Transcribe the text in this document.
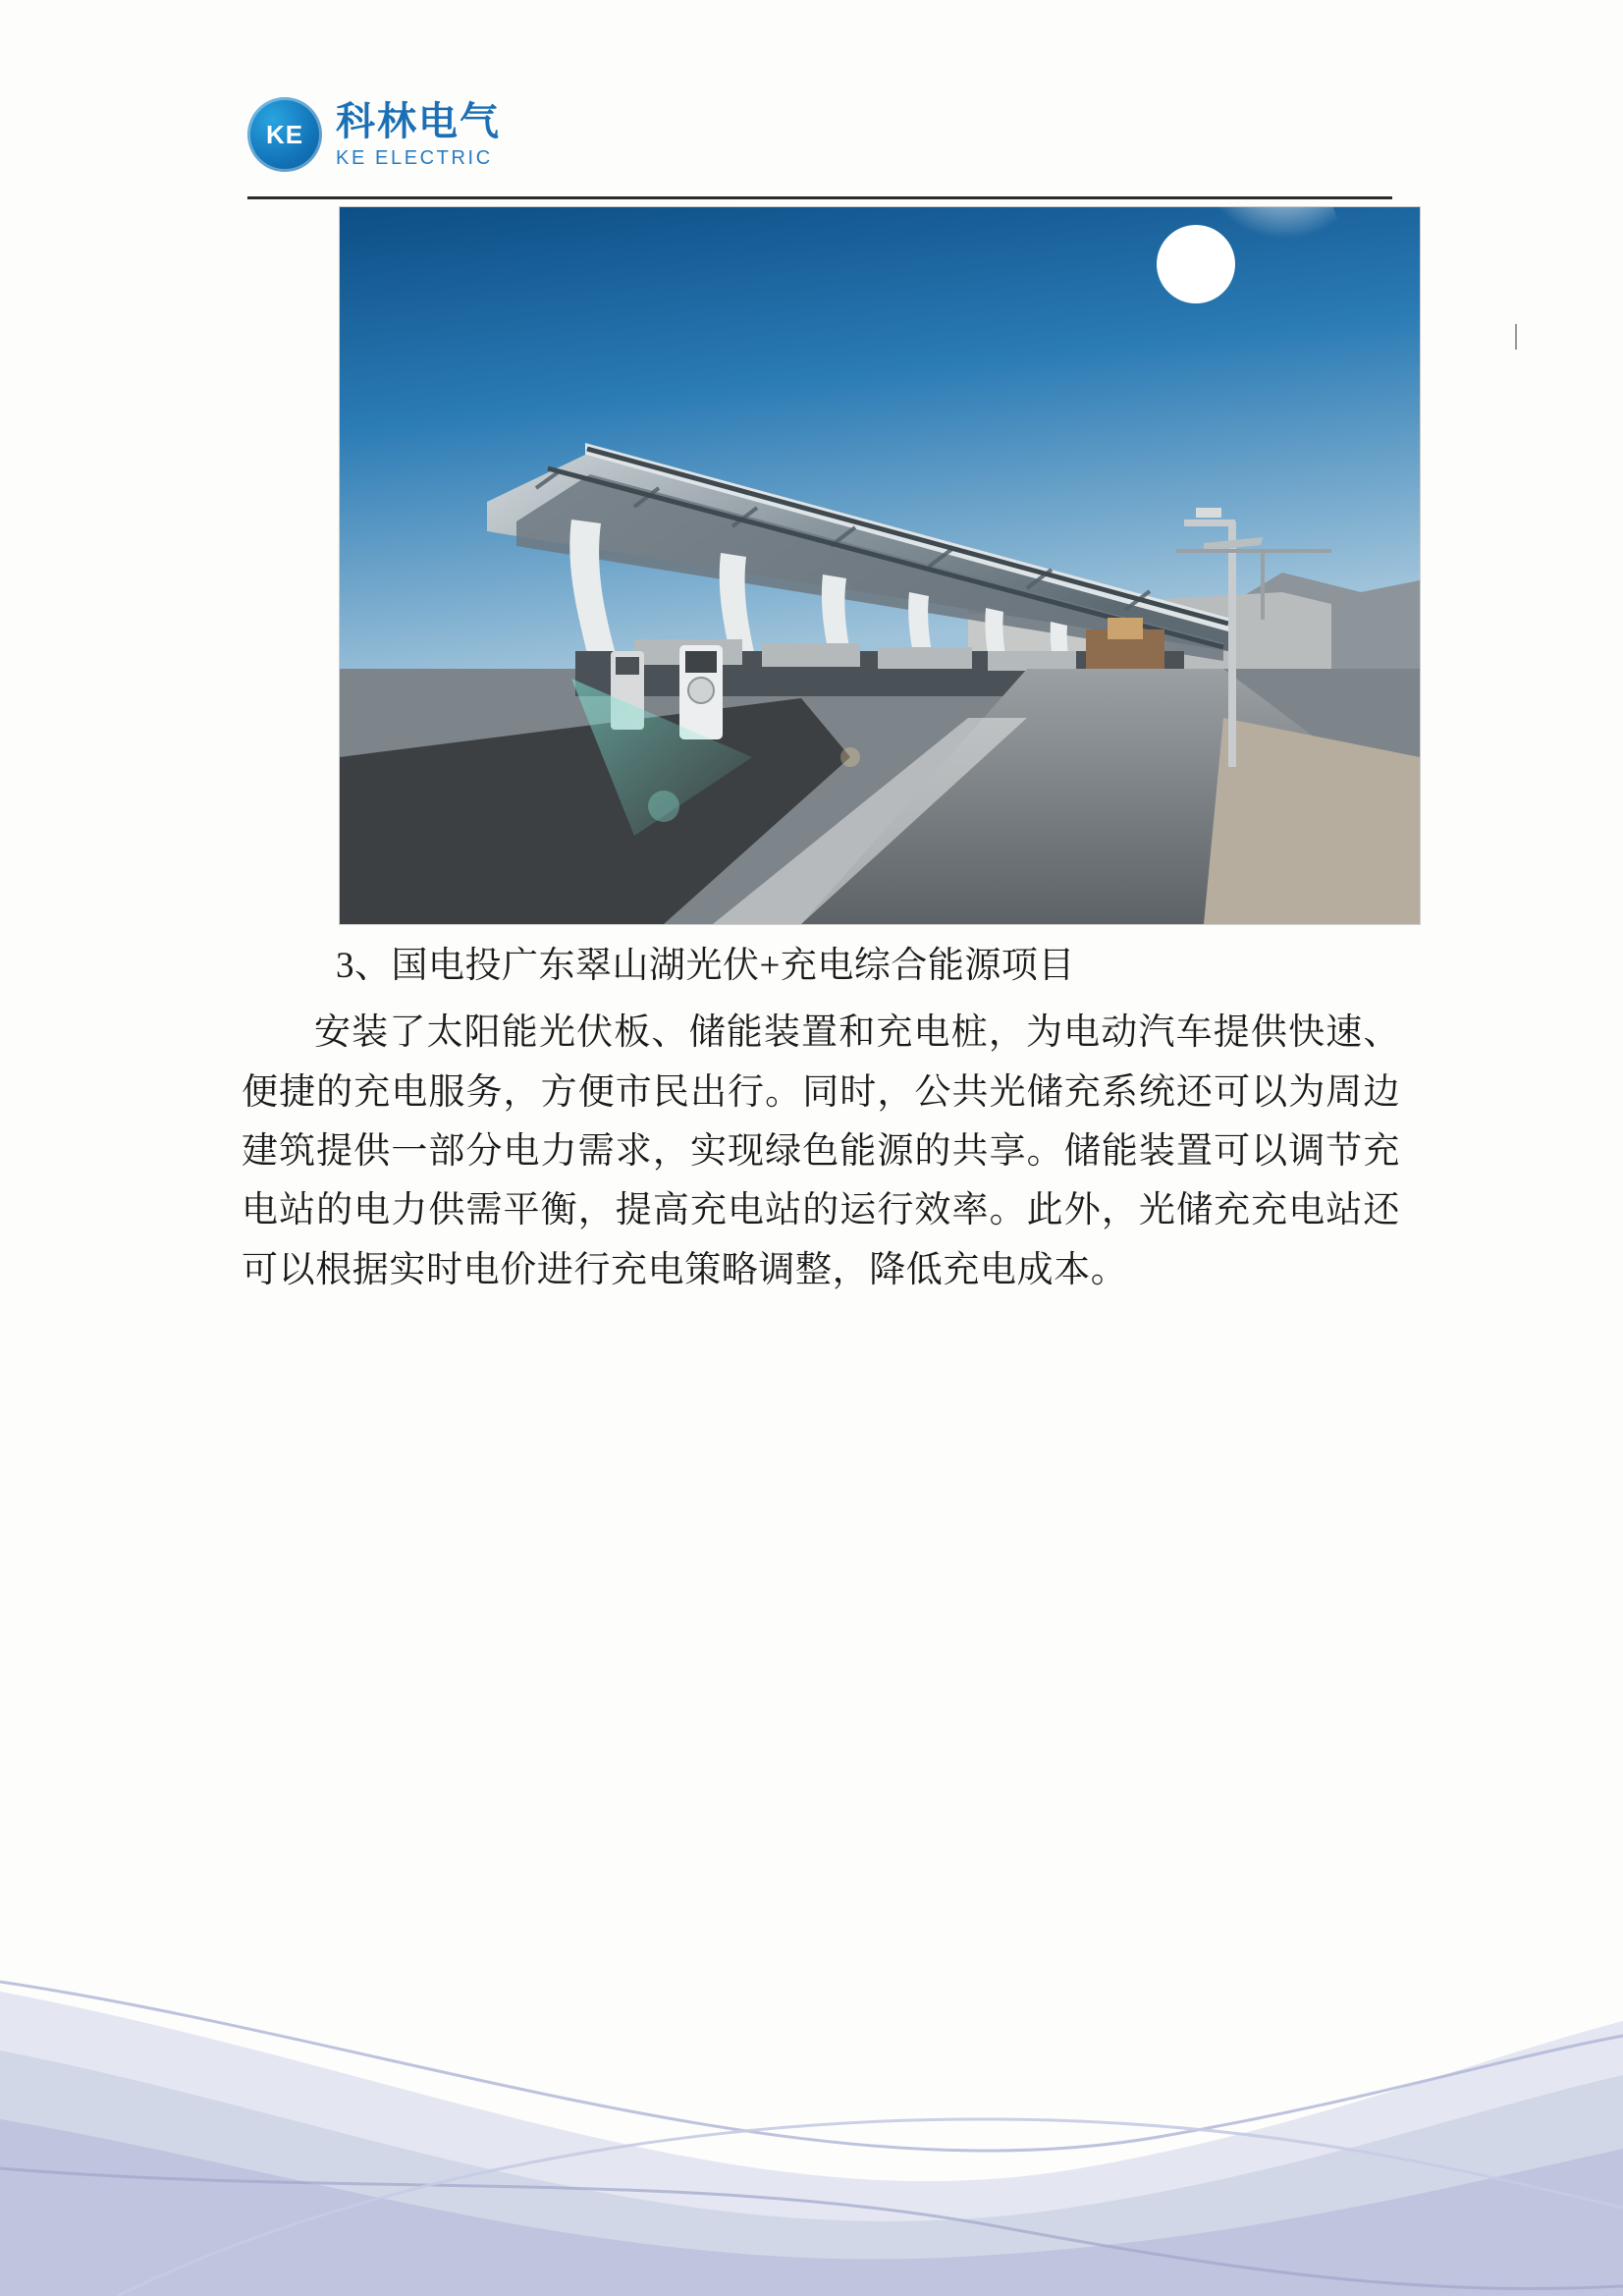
KE 科林电气
KE ELECTRIC

3、国电投广东翠山湖光伏+充电综合能源项目

安装了太阳能光伏板、储能装置和充电桩，为电动汽车提供快速、便捷的充电服务，方便市民出行。同时，公共光储充系统还可以为周边建筑提供一部分电力需求，实现绿色能源的共享。储能装置可以调节充电站的电力供需平衡，提高充电站的运行效率。此外，光储充充电站还可以根据实时电价进行充电策略调整，降低充电成本。
